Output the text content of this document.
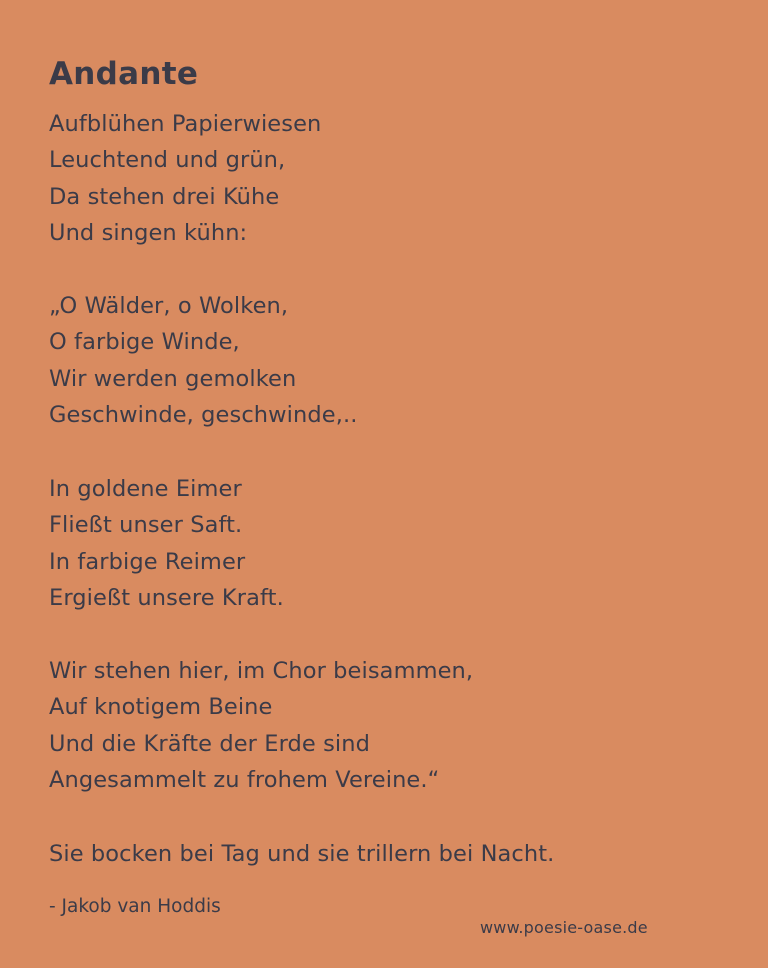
Andante
Aufblühen Papierwiesen
Leuchtend und grün,
Da stehen drei Kühe
Und singen kühn:
„O Wälder, o Wolken,
O farbige Winde,
Wir werden gemolken
Geschwinde, geschwinde,..
In goldene Eimer
Fließt unser Saft.
In farbige Reimer
Ergießt unsere Kraft.
Wir stehen hier, im Chor beisammen,
Auf knotigem Beine
Und die Kräfte der Erde sind
Angesammelt zu frohem Vereine.“
Sie bocken bei Tag und sie trillern bei Nacht.
- Jakob van Hoddis
www.poesie-oase.de
